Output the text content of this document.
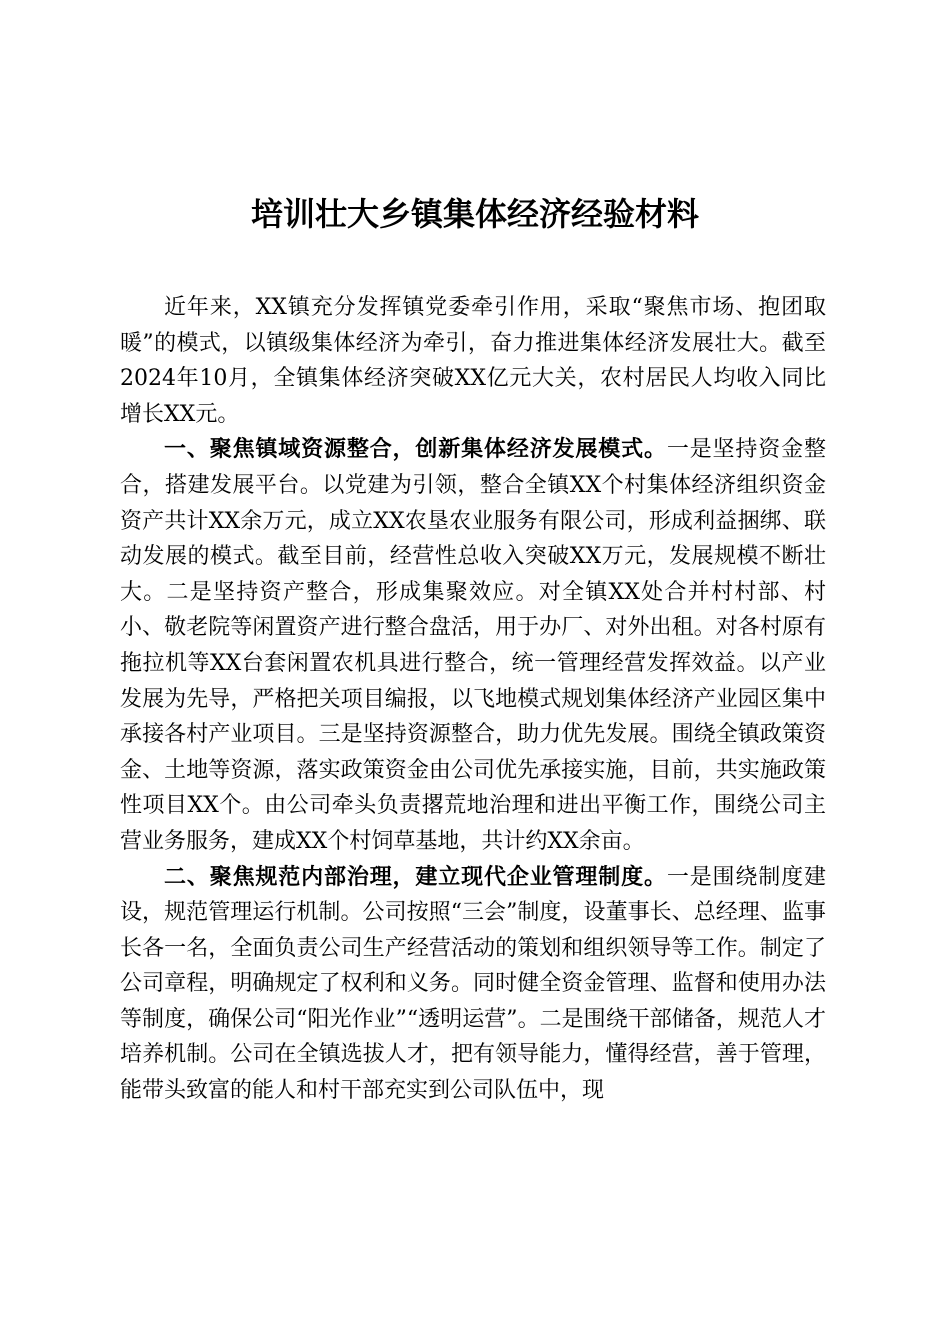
培训壮大乡镇集体经济经验材料

近年来，XX镇充分发挥镇党委牵引作用，采取“聚焦市场、抱团取暖”的模式，以镇级集体经济为牵引，奋力推进集体经济发展壮大。截至2024年10月，全镇集体经济突破XX亿元大关，农村居民人均收入同比增长XX元。

一、聚焦镇域资源整合，创新集体经济发展模式。一是坚持资金整合，搭建发展平台。以党建为引领，整合全镇XX个村集体经济组织资金资产共计XX余万元，成立XX农垦农业服务有限公司，形成利益捆绑、联动发展的模式。截至目前，经营性总收入突破XX万元，发展规模不断壮大。二是坚持资产整合，形成集聚效应。对全镇XX处合并村村部、村小、敬老院等闲置资产进行整合盘活，用于办厂、对外出租。对各村原有拖拉机等XX台套闲置农机具进行整合，统一管理经营发挥效益。以产业发展为先导，严格把关项目编报，以飞地模式规划集体经济产业园区集中承接各村产业项目。三是坚持资源整合，助力优先发展。围绕全镇政策资金、土地等资源，落实政策资金由公司优先承接实施，目前，共实施政策性项目XX个。由公司牵头负责撂荒地治理和进出平衡工作，围绕公司主营业务服务，建成XX个村饲草基地，共计约XX余亩。

二、聚焦规范内部治理，建立现代企业管理制度。一是围绕制度建设，规范管理运行机制。公司按照“三会”制度，设董事长、总经理、监事长各一名，全面负责公司生产经营活动的策划和组织领导等工作。制定了公司章程，明确规定了权利和义务。同时健全资金管理、监督和使用办法等制度，确保公司“阳光作业”“透明运营”。二是围绕干部储备，规范人才培养机制。公司在全镇选拔人才，把有领导能力，懂得经营，善于管理，能带头致富的能人和村干部充实到公司队伍中，现
